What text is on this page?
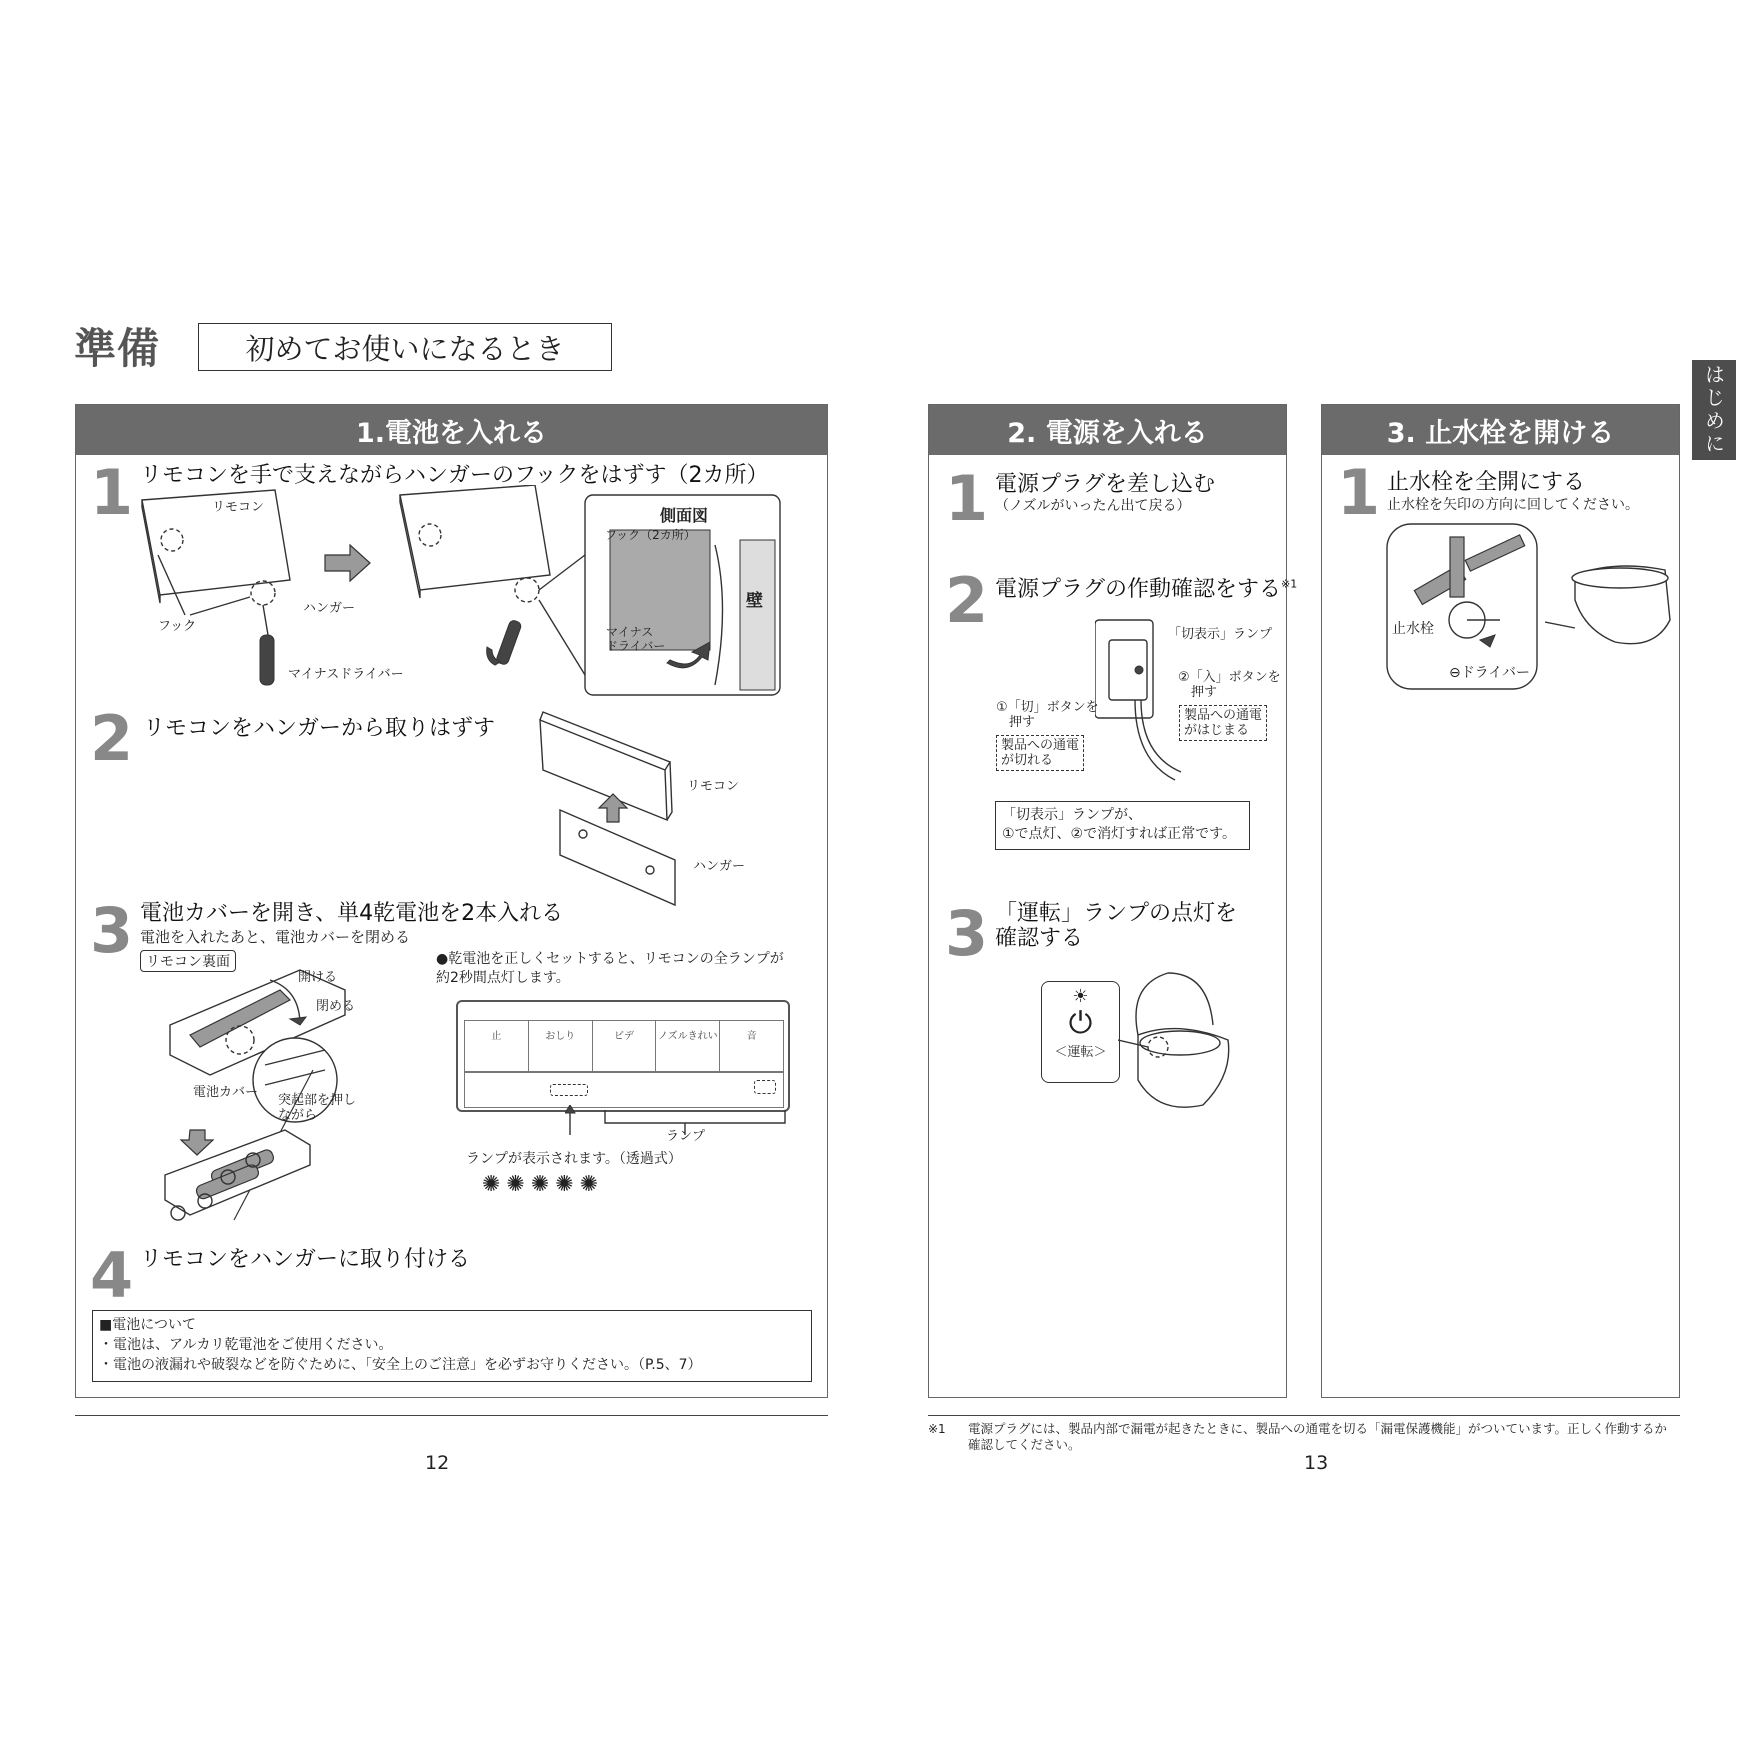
準備	初めてお使いになるとき
はじめに
1.電池を入れる
1 リモコンを手で支えながらハンガーのフックをはずす（2カ所）
リモコン
ハンガー
フック
マイナスドライバー
側面図
フック（2カ所）
壁
マイナス
ドライバー
2 リモコンをハンガーから取りはずす
リモコン
ハンガー
3 電池カバーを開き、単4乾電池を2本入れる
電池を入れたあと、電池カバーを閉める
リモコン裏面
開ける
閉める
電池カバー
突起部を押し
ながら
●乾電池を正しくセットすると、リモコンの全ランプが
約2秒間点灯します。
止	おしり	ビデ	ノズルきれい	音
ランプ
ランプが表示されます。（透過式）
✺✺✺✺✺
4 リモコンをハンガーに取り付ける
■電池について
・電池は、アルカリ乾電池をご使用ください。
・電池の液漏れや破裂などを防ぐために、「安全上のご注意」を必ずお守りください。（P.5、7）
12
2. 電源を入れる
1 電源プラグを差し込む
（ノズルがいったん出て戻る）
2 電源プラグの作動確認をする$^{※1}$
「切表示」ランプ
②「入」ボタンを
　押す
製品への通電
がはじまる
①「切」ボタンを
　押す
製品への通電
が切れる
「切表示」ランプが、
①で点灯、②で消灯すれば正常です。
3 「運転」ランプの点灯を
確認する
☀
⏻
＜運転＞
※1 電源プラグには、製品内部で漏電が起きたときに、製品への通電を切る「漏電保護機能」がついています。正しく作動するか確認してください。
13
3. 止水栓を開ける
1 止水栓を全開にする
止水栓を矢印の方向に回してください。
止水栓
⊖ドライバー
